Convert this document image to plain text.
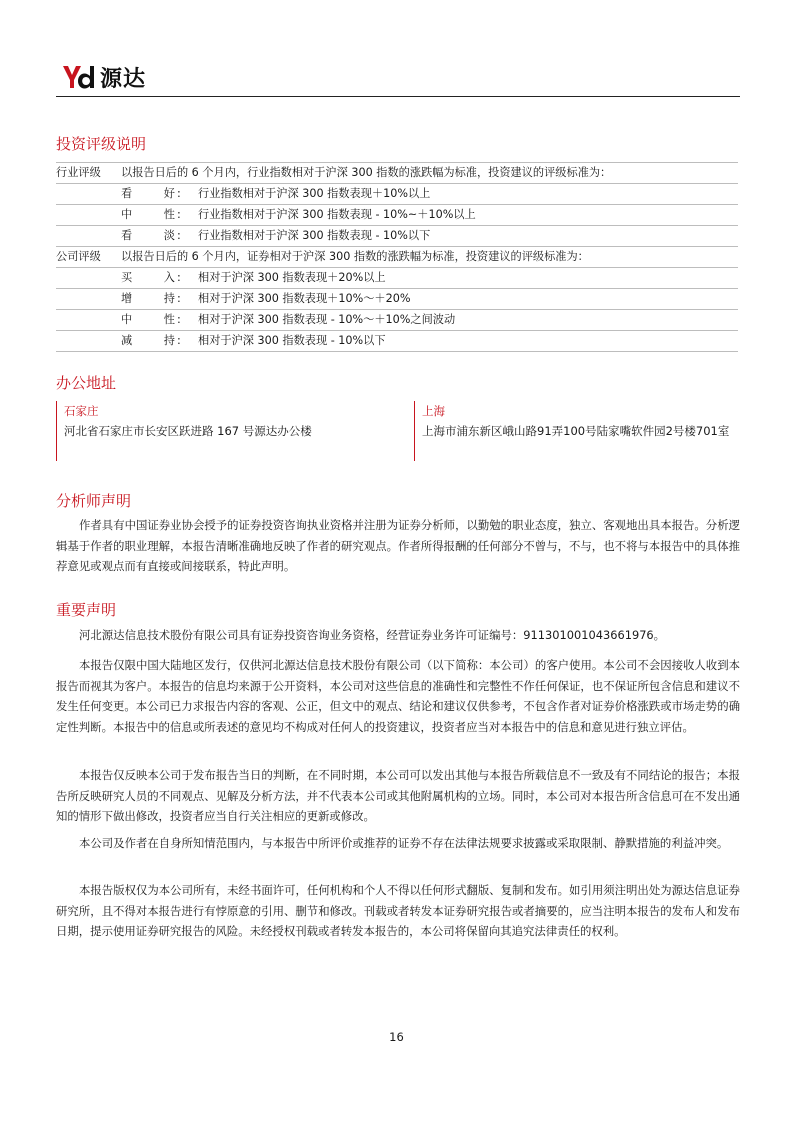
源达
投资评级说明
行业评级	以报告日后的 6 个月内，行业指数相对于沪深 300 指数的涨跌幅为标准，投资建议的评级标准为：
看好 : 行业指数相对于沪深 300 指数表现＋10%以上
中性 : 行业指数相对于沪深 300 指数表现 - 10%~＋10%以上
看淡 : 行业指数相对于沪深 300 指数表现 - 10%以下
公司评级	以报告日后的 6 个月内，证券相对于沪深 300 指数的涨跌幅为标准，投资建议的评级标准为：
买入 : 相对于沪深 300 指数表现＋20%以上
增持 : 相对于沪深 300 指数表现＋10%～＋20%
中性 : 相对于沪深 300 指数表现 - 10%～＋10%之间波动
减持 : 相对于沪深 300 指数表现 - 10%以下
办公地址
石家庄
河北省石家庄市长安区跃进路 167 号源达办公楼
上海
上海市浦东新区峨山路91弄100号陆家嘴软件园2号楼701室
分析师声明

作者具有中国证券业协会授予的证券投资咨询执业资格并注册为证券分析师，以勤勉的职业态度，独立、客观地出具本报告。分析逻辑基于作者的职业理解，本报告清晰准确地反映了作者的研究观点。作者所得报酬的任何部分不曾与，不与，也不将与本报告中的具体推荐意见或观点而有直接或间接联系，特此声明。

重要声明

河北源达信息技术股份有限公司具有证券投资咨询业务资格，经营证券业务许可证编号：911301001043661976。

本报告仅限中国大陆地区发行，仅供河北源达信息技术股份有限公司（以下简称：本公司）的客户使用。本公司不会因接收人收到本报告而视其为客户。本报告的信息均来源于公开资料，本公司对这些信息的准确性和完整性不作任何保证，也不保证所包含信息和建议不发生任何变更。本公司已力求报告内容的客观、公正，但文中的观点、结论和建议仅供参考，不包含作者对证券价格涨跌或市场走势的确定性判断。本报告中的信息或所表述的意见均不构成对任何人的投资建议，投资者应当对本报告中的信息和意见进行独立评估。

本报告仅反映本公司于发布报告当日的判断，在不同时期，本公司可以发出其他与本报告所载信息不一致及有不同结论的报告；本报告所反映研究人员的不同观点、见解及分析方法，并不代表本公司或其他附属机构的立场。同时，本公司对本报告所含信息可在不发出通知的情形下做出修改，投资者应当自行关注相应的更新或修改。

本公司及作者在自身所知情范围内，与本报告中所评价或推荐的证券不存在法律法规要求披露或采取限制、静默措施的利益冲突。

本报告版权仅为本公司所有，未经书面许可，任何机构和个人不得以任何形式翻版、复制和发布。如引用须注明出处为源达信息证券研究所，且不得对本报告进行有悖原意的引用、删节和修改。刊载或者转发本证券研究报告或者摘要的，应当注明本报告的发布人和发布日期，提示使用证券研究报告的风险。未经授权刊载或者转发本报告的，本公司将保留向其追究法律责任的权利。

16
